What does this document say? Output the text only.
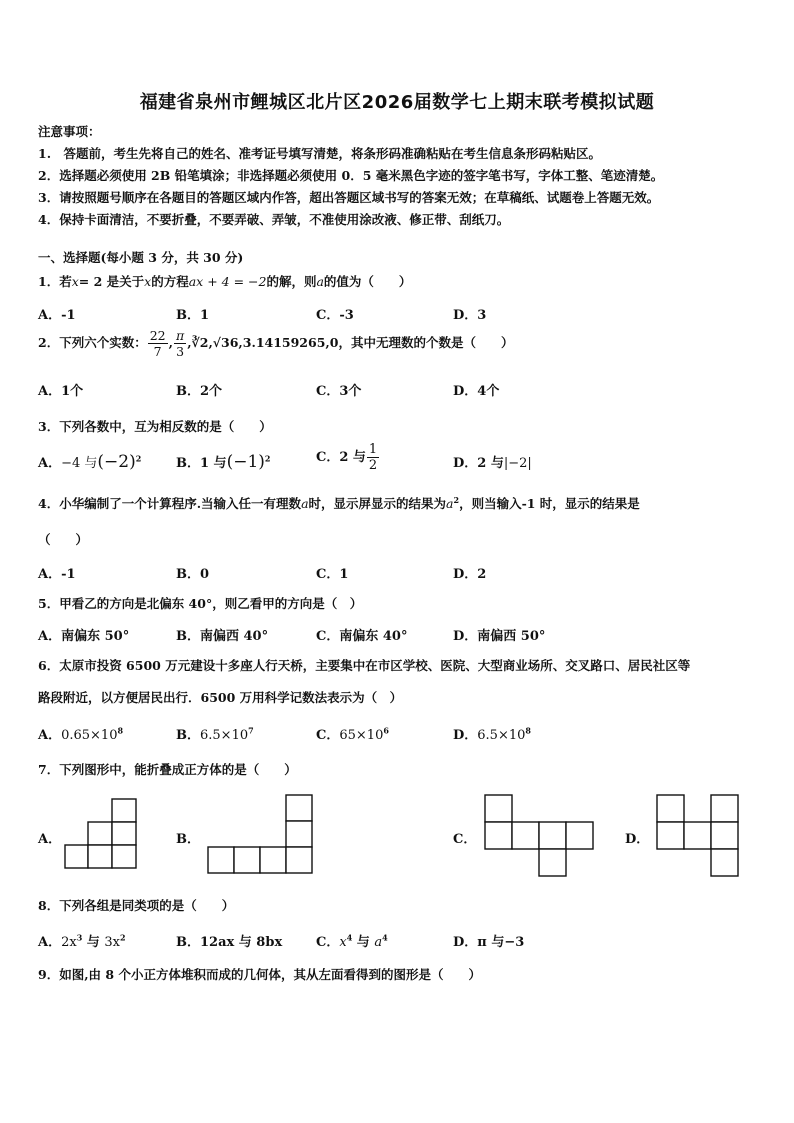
福建省泉州市鲤城区北片区2026届数学七上期末联考模拟试题
注意事项：
1.　答题前，考生先将自己的姓名、准考证号填写清楚，将条形码准确粘贴在考生信息条形码粘贴区。
2．选择题必须使用 2B 铅笔填涂；非选择题必须使用 0．5 毫米黑色字迹的签字笔书写，字体工整、笔迹清楚。
3．请按照题号顺序在各题目的答题区域内作答，超出答题区域书写的答案无效；在草稿纸、试题卷上答题无效。
4．保持卡面清洁，不要折叠，不要弄破、弄皱，不准使用涂改液、修正带、刮纸刀。
一、选择题(每小题 3 分，共 30 分)
1．若x= 2 是关于x的方程ax + 4 = −2的解，则a的值为（　　）
A．-1	B．1	C．-3	D．3
2．下列六个实数： $\frac{22}{7}$ , $\frac{\pi}{3}$ ,∛2,√36,3.14159265,0，其中无理数的个数是（　　）
A．1个	B．2个	C．3个	D．4个
3．下列各数中，互为相反数的是（　　）
A．−4 与$(-2)^2$	B．1 与$(-1)^2$	C．2 与 $\frac{1}{2}$	D．2 与|−2|
4．小华编制了一个计算程序.当输入任一有理数a时，显示屏显示的结果为$a^2$，则当输入-1 时，显示的结果是
（　　）
A．-1	B．0	C．1	D．2
5．甲看乙的方向是北偏东 40°，则乙看甲的方向是（　）
A．南偏东 50°	B．南偏西 40°	C．南偏东 40°	D．南偏西 50°
6．太原市投资 6500 万元建设十多座人行天桥，主要集中在市区学校、医院、大型商业场所、交叉路口、居民社区等
路段附近，以方便居民出行．6500 万用科学记数法表示为（　）
A．$0.65\times 10^8$	B．$6.5\times 10^7$	C．$65\times 10^6$	D．$6.5\times 10^8$
7．下列图形中，能折叠成正方体的是（　　）
A．	B．	C．	D．
8．下列各组是同类项的是（　　）
A．$2x^3$ 与 $3x^2$	B．12ax 与 8bx	C．$x^4$ 与 $a^4$	D．π 与−3
9．如图,由 8 个小正方体堆积而成的几何体，其从左面看得到的图形是（　　）
